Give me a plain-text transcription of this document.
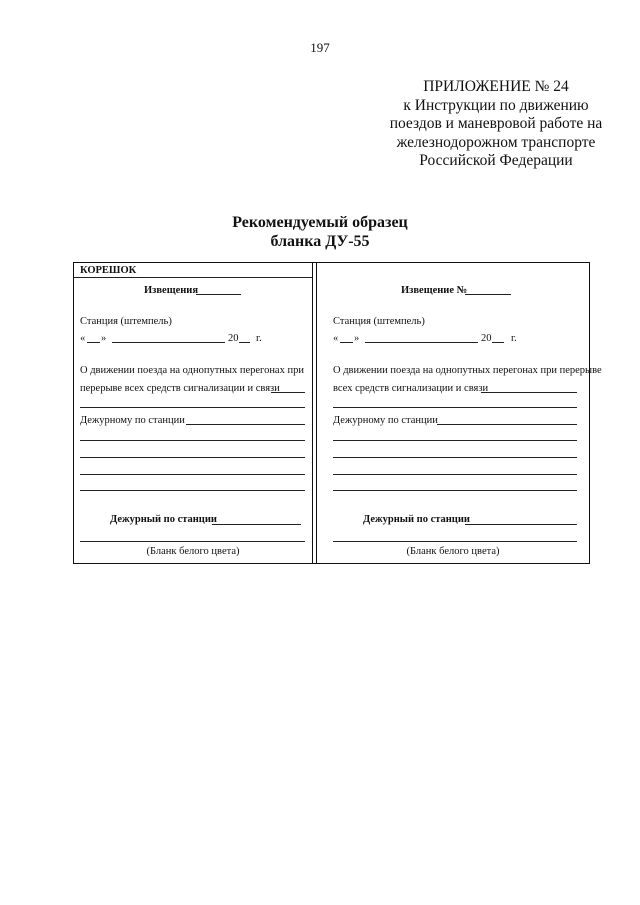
197
ПРИЛОЖЕНИЕ № 24
к Инструкции по движению
поездов и маневровой работе на
железнодорожном транспорте
Российской Федерации
Рекомендуемый образец
бланка ДУ-55
КОРЕШОК
Извещения
Станция (штемпель)
« »	20 г.
О движении поезда на однопутных перегонах при
перерыве всех средств сигнализации и связи
Дежурному по станции
Дежурный по станции
(Бланк белого цвета)
Извещение №
Станция (штемпель)
« »	20 г.
О движении поезда на однопутных перегонах при перерыве
всех средств сигнализации и связи
Дежурному по станции
Дежурный по станции
(Бланк белого цвета)
